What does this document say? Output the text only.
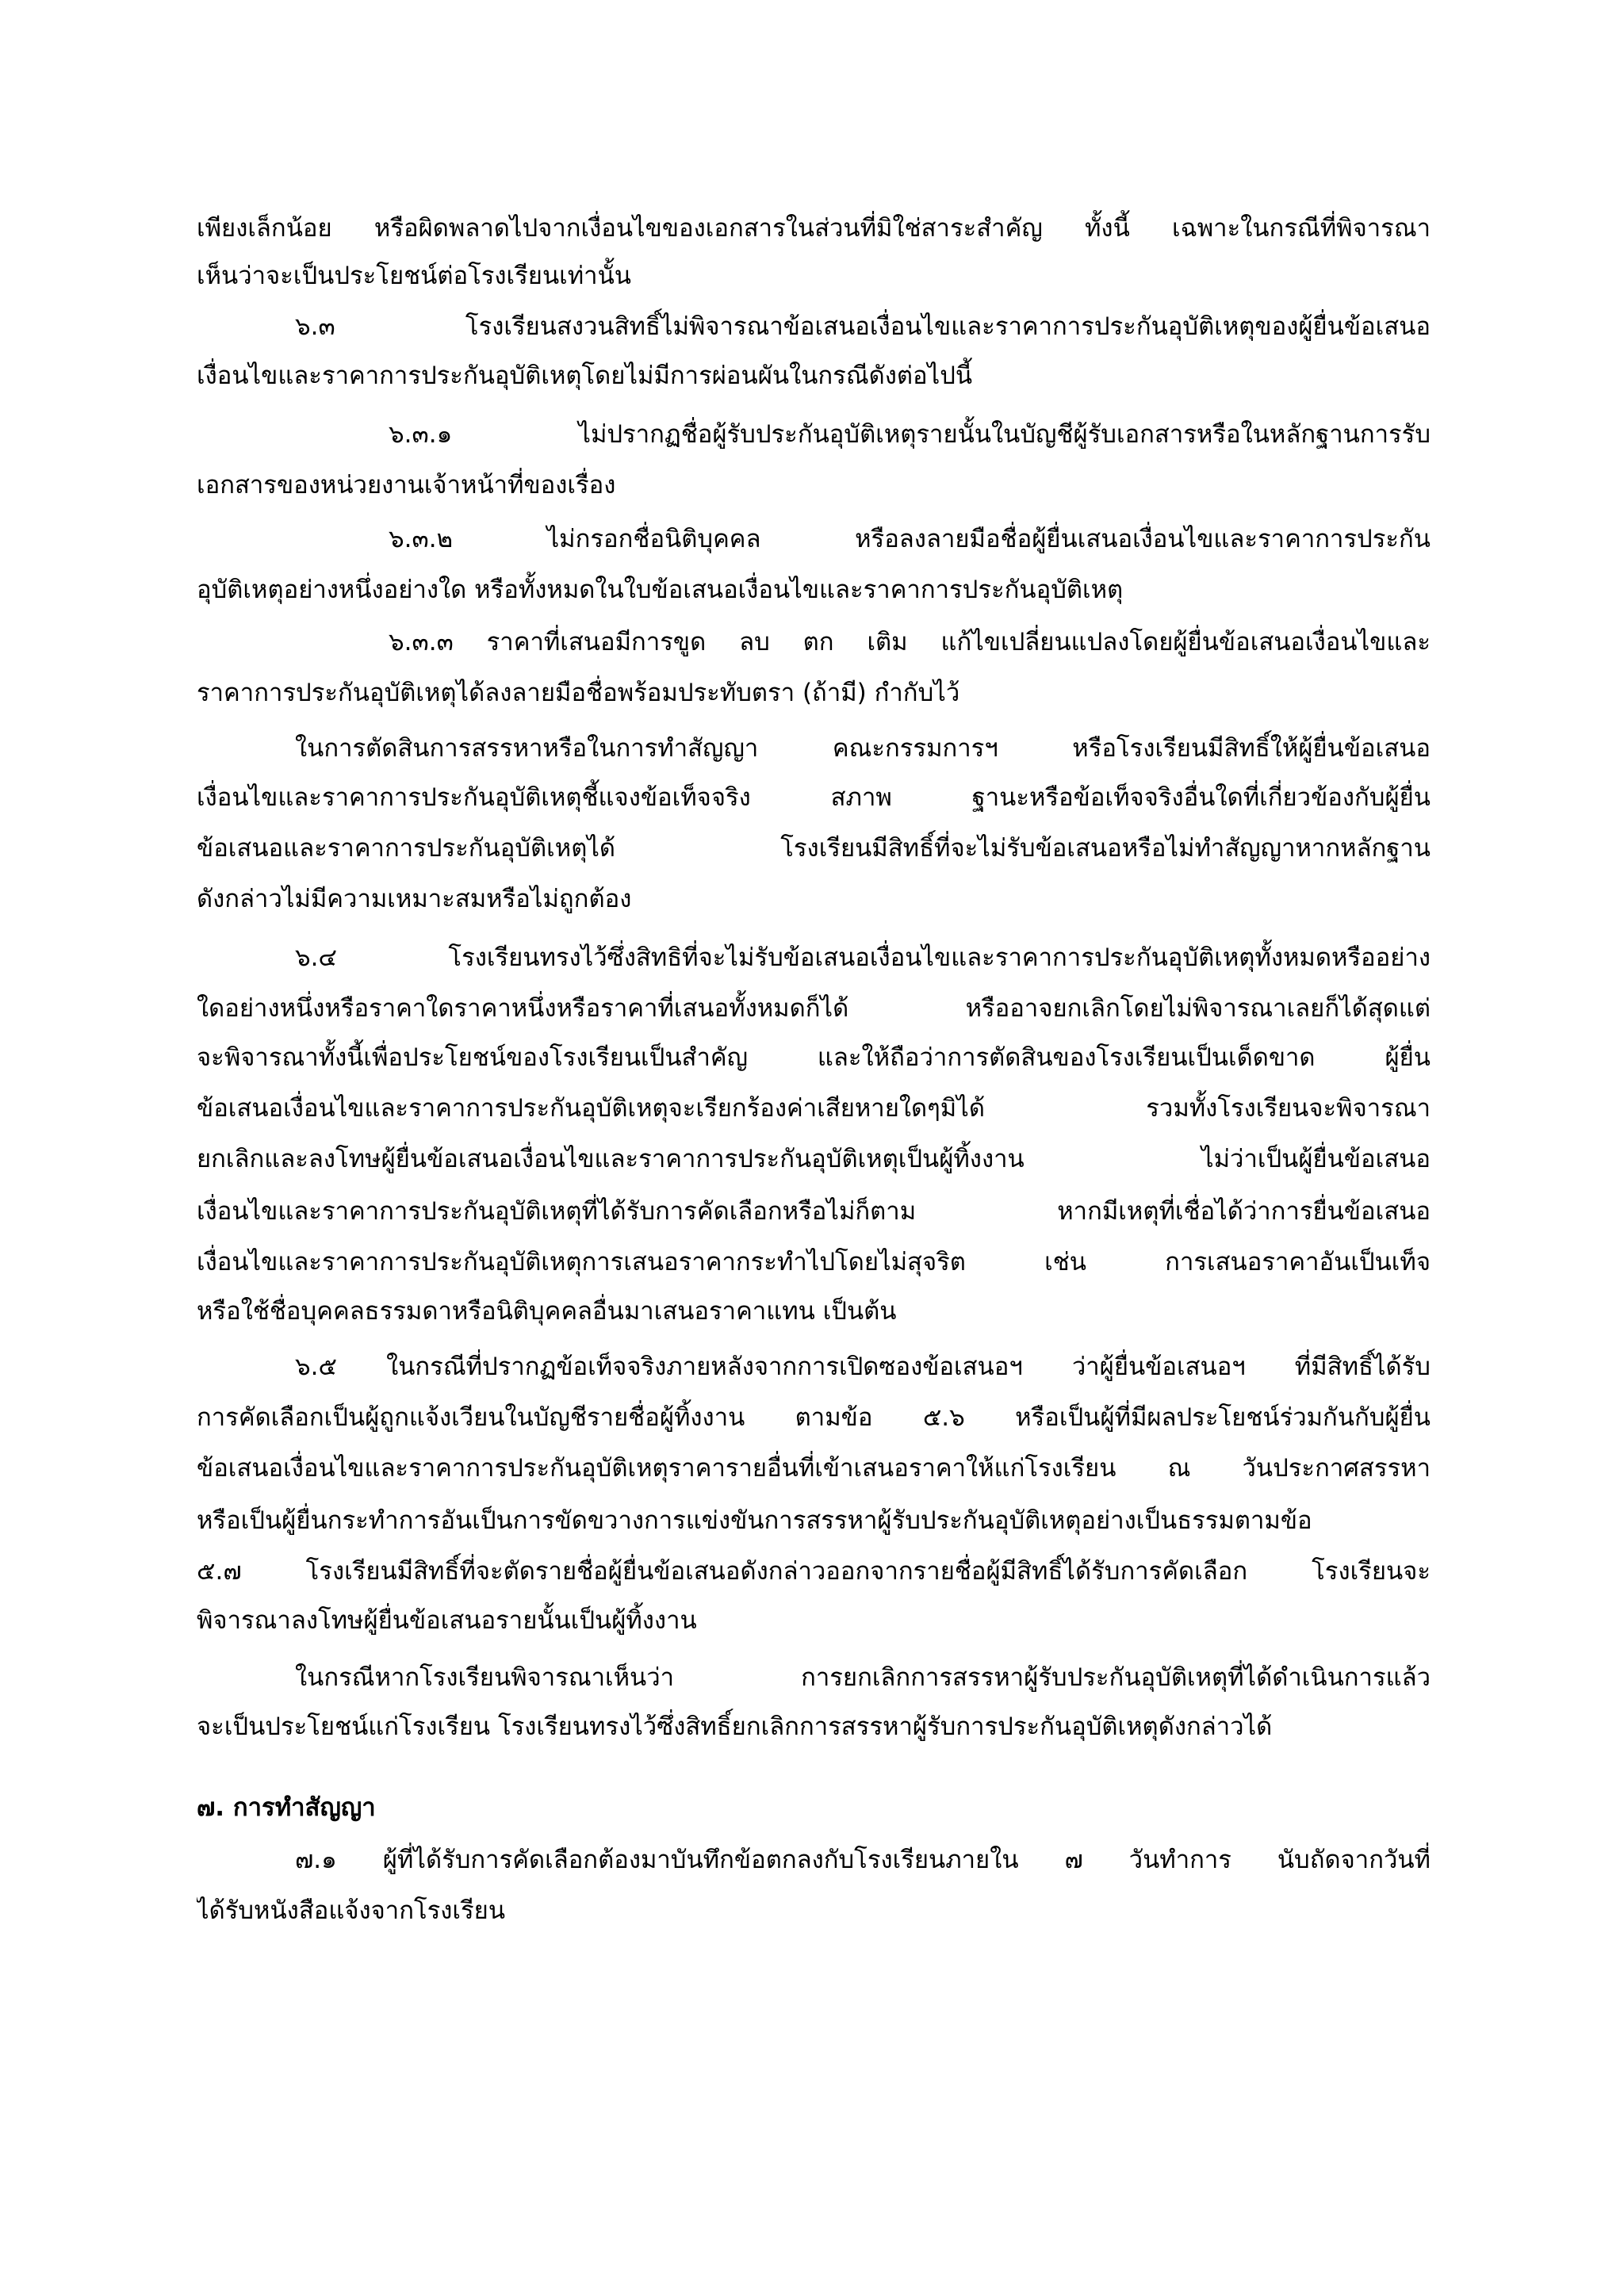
เพียงเล็กน้อย หรือผิดพลาดไปจากเงื่อนไขของเอกสารในส่วนที่มิใช่สาระสำคัญ ทั้งนี้ เฉพาะในกรณีที่พิจารณา

เห็นว่าจะเป็นประโยชน์ต่อโรงเรียนเท่านั้น

๖.๓ โรงเรียนสงวนสิทธิ์ไม่พิจารณาข้อเสนอเงื่อนไขและราคาการประกันอุบัติเหตุของผู้ยื่นข้อเสนอ

เงื่อนไขและราคาการประกันอุบัติเหตุโดยไม่มีการผ่อนผันในกรณีดังต่อไปนี้

๖.๓.๑ ไม่ปรากฏชื่อผู้รับประกันอุบัติเหตุรายนั้นในบัญชีผู้รับเอกสารหรือในหลักฐานการรับ

เอกสารของหน่วยงานเจ้าหน้าที่ของเรื่อง

๖.๓.๒ ไม่กรอกชื่อนิติบุคคล หรือลงลายมือชื่อผู้ยื่นเสนอเงื่อนไขและราคาการประกัน

อุบัติเหตุอย่างหนึ่งอย่างใด หรือทั้งหมดในใบข้อเสนอเงื่อนไขและราคาการประกันอุบัติเหตุ

๖.๓.๓ ราคาที่เสนอมีการขูด ลบ ตก เติม แก้ไขเปลี่ยนแปลงโดยผู้ยื่นข้อเสนอเงื่อนไขและ

ราคาการประกันอุบัติเหตุได้ลงลายมือชื่อพร้อมประทับตรา (ถ้ามี) กำกับไว้

ในการตัดสินการสรรหาหรือในการทำสัญญา คณะกรรมการฯ หรือโรงเรียนมีสิทธิ์ให้ผู้ยื่นข้อเสนอ

เงื่อนไขและราคาการประกันอุบัติเหตุชี้แจงข้อเท็จจริง สภาพ ฐานะหรือข้อเท็จจริงอื่นใดที่เกี่ยวข้องกับผู้ยื่น

ข้อเสนอและราคาการประกันอุบัติเหตุได้ โรงเรียนมีสิทธิ์ที่จะไม่รับข้อเสนอหรือไม่ทำสัญญาหากหลักฐาน

ดังกล่าวไม่มีความเหมาะสมหรือไม่ถูกต้อง

๖.๔ โรงเรียนทรงไว้ซึ่งสิทธิที่จะไม่รับข้อเสนอเงื่อนไขและราคาการประกันอุบัติเหตุทั้งหมดหรืออย่าง

ใดอย่างหนึ่งหรือราคาใดราคาหนึ่งหรือราคาที่เสนอทั้งหมดก็ได้ หรืออาจยกเลิกโดยไม่พิจารณาเลยก็ได้สุดแต่

จะพิจารณาทั้งนี้เพื่อประโยชน์ของโรงเรียนเป็นสำคัญ และให้ถือว่าการตัดสินของโรงเรียนเป็นเด็ดขาด ผู้ยื่น

ข้อเสนอเงื่อนไขและราคาการประกันอุบัติเหตุจะเรียกร้องค่าเสียหายใดๆมิได้ รวมทั้งโรงเรียนจะพิจารณา

ยกเลิกและลงโทษผู้ยื่นข้อเสนอเงื่อนไขและราคาการประกันอุบัติเหตุเป็นผู้ทิ้งงาน ไม่ว่าเป็นผู้ยื่นข้อเสนอ

เงื่อนไขและราคาการประกันอุบัติเหตุที่ได้รับการคัดเลือกหรือไม่ก็ตาม หากมีเหตุที่เชื่อได้ว่าการยื่นข้อเสนอ

เงื่อนไขและราคาการประกันอุบัติเหตุการเสนอราคากระทำไปโดยไม่สุจริต เช่น การเสนอราคาอันเป็นเท็จ

หรือใช้ชื่อบุคคลธรรมดาหรือนิติบุคคลอื่นมาเสนอราคาแทน เป็นต้น

๖.๕ ในกรณีที่ปรากฏข้อเท็จจริงภายหลังจากการเปิดซองข้อเสนอฯ ว่าผู้ยื่นข้อเสนอฯ ที่มีสิทธิ์ได้รับ

การคัดเลือกเป็นผู้ถูกแจ้งเวียนในบัญชีรายชื่อผู้ทิ้งงาน ตามข้อ ๕.๖ หรือเป็นผู้ที่มีผลประโยชน์ร่วมกันกับผู้ยื่น

ข้อเสนอเงื่อนไขและราคาการประกันอุบัติเหตุราคารายอื่นที่เข้าเสนอราคาให้แก่โรงเรียน ณ วันประกาศสรรหา

หรือเป็นผู้ยื่นกระทำการอันเป็นการขัดขวางการแข่งขันการสรรหาผู้รับประกันอุบัติเหตุอย่างเป็นธรรมตามข้อ

๕.๗ โรงเรียนมีสิทธิ์ที่จะตัดรายชื่อผู้ยื่นข้อเสนอดังกล่าวออกจากรายชื่อผู้มีสิทธิ์ได้รับการคัดเลือก โรงเรียนจะ

พิจารณาลงโทษผู้ยื่นข้อเสนอรายนั้นเป็นผู้ทิ้งงาน

ในกรณีหากโรงเรียนพิจารณาเห็นว่า การยกเลิกการสรรหาผู้รับประกันอุบัติเหตุที่ได้ดำเนินการแล้ว

จะเป็นประโยชน์แก่โรงเรียน โรงเรียนทรงไว้ซึ่งสิทธิ์ยกเลิกการสรรหาผู้รับการประกันอุบัติเหตุดังกล่าวได้

๗. การทำสัญญา

๗.๑ ผู้ที่ได้รับการคัดเลือกต้องมาบันทึกข้อตกลงกับโรงเรียนภายใน ๗ วันทำการ นับถัดจากวันที่

ได้รับหนังสือแจ้งจากโรงเรียน
